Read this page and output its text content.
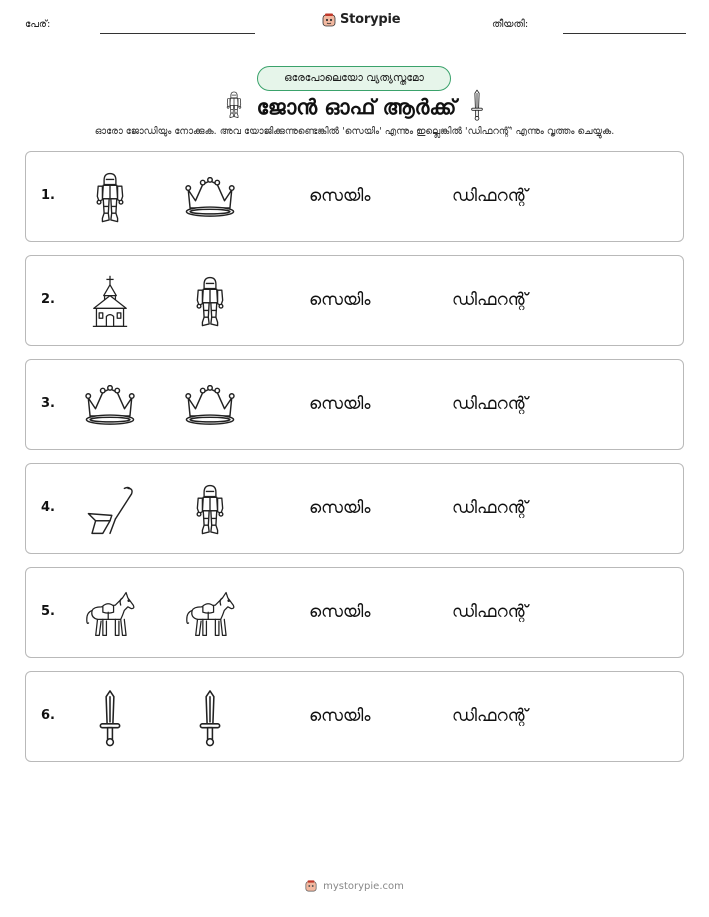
പേര്:	Storypie	തീയതി:
ഒരേപോലെയോ വ്യത്യസ്തമോ
ജോൻ ഓഫ് ആർക്ക്
ഓരോ ജോഡിയും നോക്കുക. അവ യോജിക്കുന്നുണ്ടെങ്കിൽ 'സെയിം' എന്നും ഇല്ലെങ്കിൽ 'ഡിഫറന്റ്' എന്നും വൃത്തം ചെയ്യുക.
1.	സെയിം	ഡിഫറന്റ്
2.	സെയിം	ഡിഫറന്റ്
3.	സെയിം	ഡിഫറന്റ്
4.	സെയിം	ഡിഫറന്റ്
5.	സെയിം	ഡിഫറന്റ്
6.	സെയിം	ഡിഫറന്റ്
mystorypie.com
